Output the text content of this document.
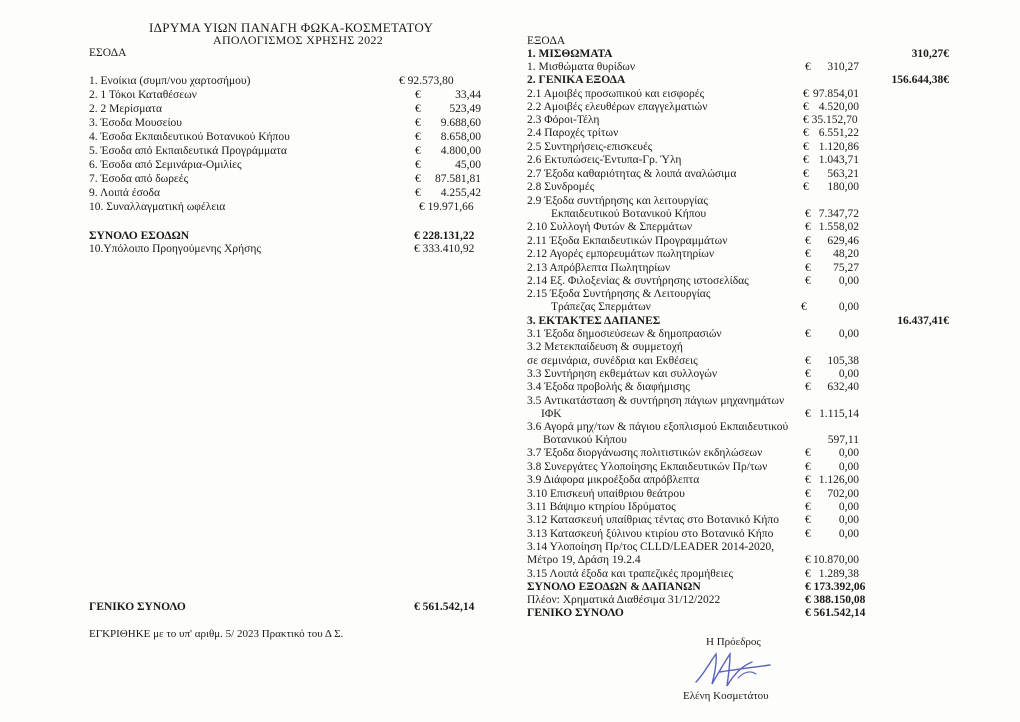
ΙΔΡΥΜΑ ΥΙΩΝ ΠΑΝΑΓΗ ΦΩΚΑ-ΚΟΣΜΕΤΑΤΟΥ
ΑΠΟΛΟΓΙΣΜΟΣ ΧΡΗΣΗΣ 2022
ΕΣΟΔΑ
1. Ενοίκια (συμπ/νου χαρτοσήμου)	€ 92.573,80
2. 1 Τόκοι Καταθέσεων	€	33,44
2. 2 Μερίσματα	€	523,49
3. Έσοδα Μουσείου	€	9.688,60
4. Έσοδα Εκπαιδευτικού Βοτανικού Κήπου	€	8.658,00
5. Έσοδα από Εκπαιδευτικά Προγράμματα	€	4.800,00
6. Έσοδα από Σεμινάρια-Ομιλίες	€	45,00
7. Έσοδα από δωρεές	€	87.581,81
9. Λοιπά έσοδα	€	4.255,42
10. Συναλλαγματική ωφέλεια	€ 19.971,66
ΣΥΝΟΛΟ ΕΣΟΔΩΝ	€ 228.131,22
10.Υπόλοιπο Προηγούμενης Χρήσης	€ 333.410,92
ΓΕΝΙΚΟ ΣΥΝΟΛΟ	€ 561.542,14
ΕΓΚΡΙΘΗΚΕ με το υπ' αριθμ. 5/ 2023 Πρακτικό του Δ Σ.
ΕΞΟΔΑ
1. ΜΙΣΘΩΜΑΤΑ	310,27€
1. Μισθώματα θυρίδων	€	310,27
2. ΓΕΝΙΚΑ ΕΞΟΔΑ	156.644,38€
2.1 Αμοιβές προσωπικού και εισφορές	€ 97.854,01
2.2 Αμοιβές ελευθέρων επαγγελματιών	€ 4.520,00
2.3 Φόροι-Τέλη	€ 35.152,70
2.4 Παροχές τρίτων	€ 6.551,22
2.5 Συντηρήσεις-επισκευές	€ 1.120,86
2.6 Εκτυπώσεις-Έντυπα-Γρ. Ύλη	€ 1.043,71
2.7 Έξοδα καθαριότητας & λοιπά αναλώσιμα	€	563,21
2.8 Συνδρομές	€	180,00
2.9 Έξοδα συντήρησης και λειτουργίας
Εκπαιδευτικού Βοτανικού Κήπου	€ 7.347,72
2.10 Συλλογή Φυτών & Σπερμάτων	€ 1.558,02
2.11 Έξοδα Εκπαιδευτικών Προγραμμάτων	€	629,46
2.12 Αγορές εμπορευμάτων πωλητηρίων	€	48,20
2.13 Απρόβλεπτα Πωλητηρίων	€	75,27
2.14 Εξ. Φιλοξενίας & συντήρησης ιστοσελίδας	€	0,00
2.15 Έξοδα Συντήρησης & Λειτουργίας
Τράπεζας Σπερμάτων	€	0,00
3. ΕΚΤΑΚΤΕΣ ΔΑΠΑΝΕΣ	16.437,41€
3.1 Έξοδα δημοσιεύσεων & δημοπρασιών	€	0,00
3.2 Μετεκπαίδευση & συμμετοχή
σε σεμινάρια, συνέδρια και Εκθέσεις	€	105,38
3.3 Συντήρηση εκθεμάτων και συλλογών	€	0,00
3.4 Έξοδα προβολής & διαφήμισης	€	632,40
3.5 Αντικατάσταση & συντήρηση πάγιων μηχανημάτων
ΙΦΚ	€ 1.115,14
3.6 Αγορά μηχ/των & πάγιου εξοπλισμού Εκπαιδευτικού
Βοτανικού Κήπου	597,11
3.7 Έξοδα διοργάνωσης πολιτιστικών εκδηλώσεων	€	0,00
3.8 Συνεργάτες Υλοποίησης Εκπαιδευτικών Πρ/των	€	0,00
3.9 Διάφορα μικροέξοδα απρόβλεπτα	€ 1.126,00
3.10 Επισκευή υπαίθριου θεάτρου	€	702,00
3.11 Βάψιμο κτηρίου Ιδρύματος	€	0,00
3.12 Κατασκευή υπαίθριας τέντας στο Βοτανικό Κήπο €	0,00
3.13 Κατασκευή ξύλινου κτιρίου στο Βοτανικό Κήπο	€	0,00
3.14 Υλοποίηση Πρ/τος CLLD/LEADER 2014-2020,
Μέτρο 19, Δράση 19.2.4	€ 10.870,00
3.15 Λοιπά έξοδα και τραπεζικές προμήθειες	€ 1.289,38
ΣΥΝΟΛΟ ΕΞΟΔΩΝ & ΔΑΠΑΝΩΝ	€ 173.392,06
Πλέον: Χρηματικά Διαθέσιμα 31/12/2022	€ 388.150,08
ΓΕΝΙΚΟ ΣΥΝΟΛΟ	€ 561.542,14
Η Πρόεδρος
Ελένη Κοσμετάτου
